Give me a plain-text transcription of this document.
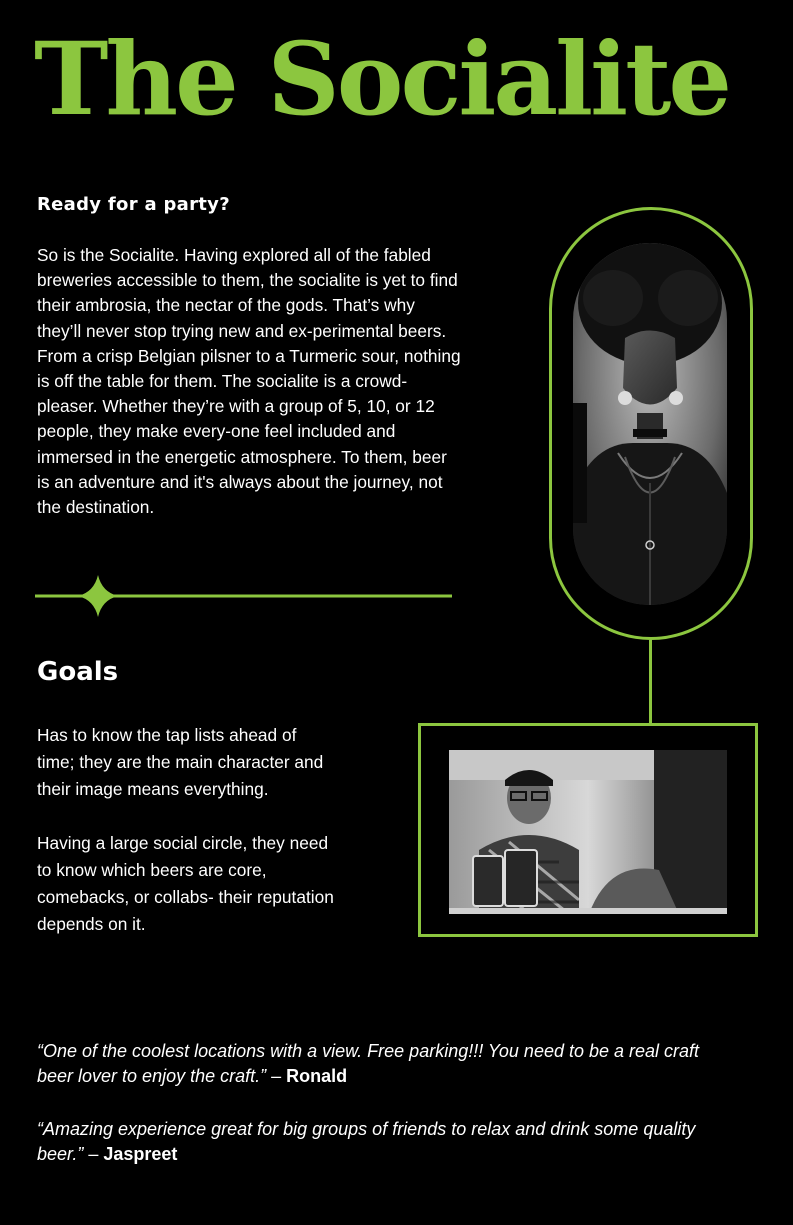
The Socialite
Ready for a party?

So is the Socialite. Having explored all of the fabled breweries accessible to them, the socialite is yet to find their ambrosia, the nectar of the gods. That’s why they’ll never stop trying new and ex-perimental beers. From a crisp Belgian pilsner to a Turmeric sour, nothing is off the table for them. The socialite is a crowd-pleaser. Whether they’re with a group of 5, 10, or 12 people, they make every-one feel included and immersed in the energetic atmosphere. To them, beer is an adventure and it's always about the journey, not the destination.

Goals

Has to know the tap lists ahead of time; they are the main character and their image means everything.

Having a large social circle, they need to know which beers are core, comebacks, or collabs- their reputation depends on it.

“One of the coolest locations with a view. Free parking!!! You need to be a real craft beer lover to enjoy the craft.” – Ronald

“Amazing experience great for big groups of friends to relax and drink some quality beer.” – Jaspreet
